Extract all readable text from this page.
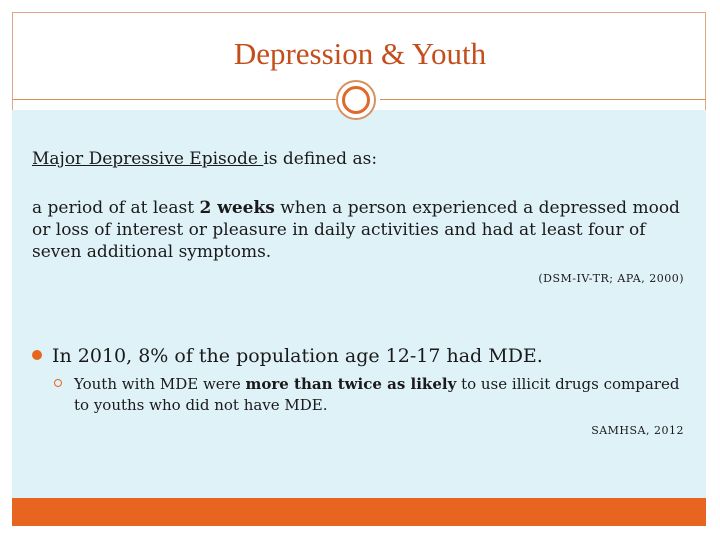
Depression & Youth
Major Depressive Episode is defined as:
a period of at least 2 weeks when a person experienced a depressed mood or loss of interest or pleasure in daily activities and had at least four of seven additional symptoms.
(DSM-IV-TR; APA, 2000)
In 2010, 8% of the population age 12-17 had MDE.
Youth with MDE were more than twice as likely to use illicit drugs compared to youths who did not have MDE.
SAMHSA, 2012
